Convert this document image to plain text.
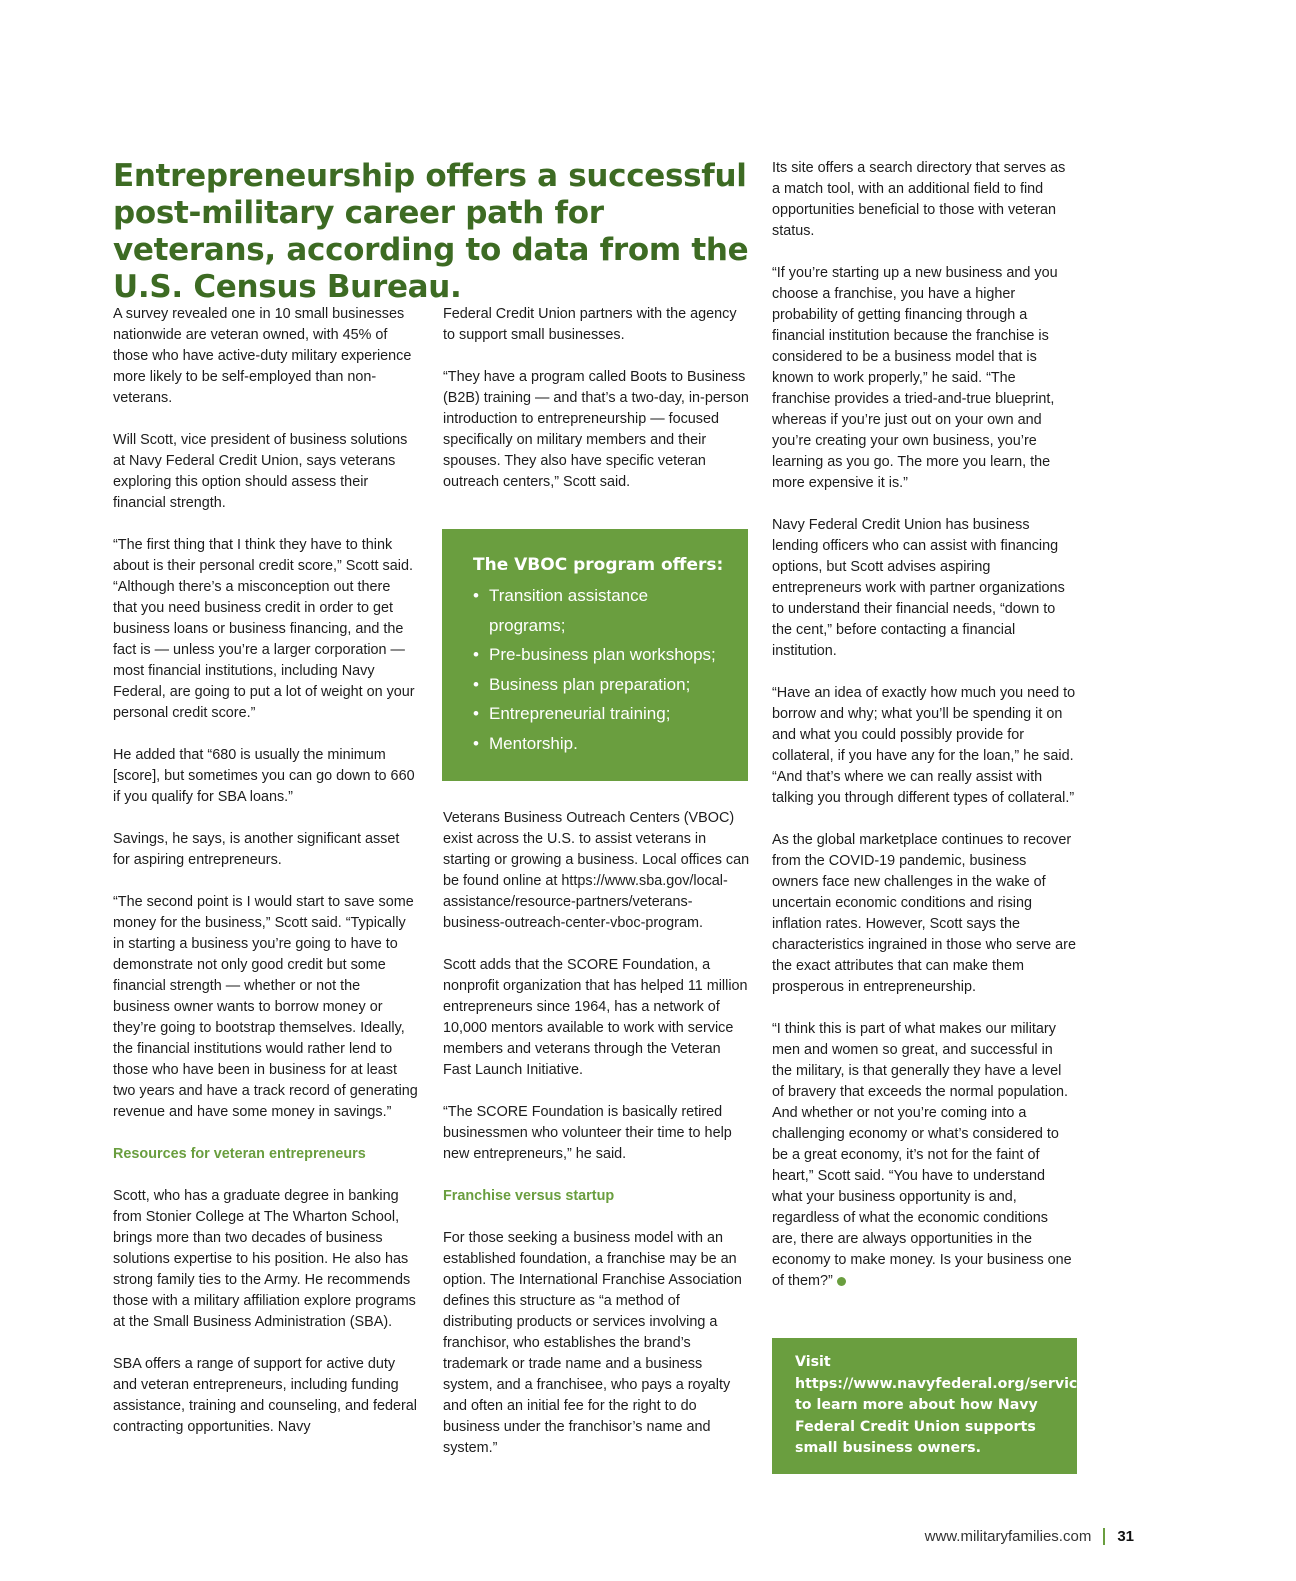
Entrepreneurship offers a successful post-military career path for veterans, according to data from the U.S. Census Bureau.

A survey revealed one in 10 small businesses nationwide are veteran owned, with 45% of those who have active-duty military experience more likely to be self-employed than non-veterans.

Will Scott, vice president of business solutions at Navy Federal Credit Union, says veterans exploring this option should assess their financial strength.

“The first thing that I think they have to think about is their personal credit score,” Scott said. “Although there’s a misconception out there that you need business credit in order to get business loans or business financing, and the fact is — unless you’re a larger corporation — most financial institutions, including Navy Federal, are going to put a lot of weight on your personal credit score.”

He added that “680 is usually the minimum [score], but sometimes you can go down to 660 if you qualify for SBA loans.”

Savings, he says, is another significant asset for aspiring entrepreneurs.

“The second point is I would start to save some money for the business,” Scott said. “Typically in starting a business you’re going to have to demonstrate not only good credit but some financial strength — whether or not the business owner wants to borrow money or they’re going to bootstrap themselves. Ideally, the financial institutions would rather lend to those who have been in business for at least two years and have a track record of generating revenue and have some money in savings.”

Resources for veteran entrepreneurs

Scott, who has a graduate degree in banking from Stonier College at The Wharton School, brings more than two decades of business solutions expertise to his position. He also has strong family ties to the Army. He recommends those with a military affiliation explore programs at the Small Business Administration (SBA).

SBA offers a range of support for active duty and veteran entrepreneurs, including funding assistance, training and counseling, and federal contracting opportunities. Navy

Federal Credit Union partners with the agency to support small businesses.

“They have a program called Boots to Business (B2B) training — and that’s a two-day, in-person introduction to entrepreneurship — focused specifically on military members and their spouses. They also have specific veteran outreach centers,” Scott said.

The VBOC program offers:

• Transition assistance programs;
• Pre-business plan workshops;
• Business plan preparation;
• Entrepreneurial training;
• Mentorship.

Veterans Business Outreach Centers (VBOC) exist across the U.S. to assist veterans in starting or growing a business. Local offices can be found online at https://www.sba.gov/local-assistance/resource-partners/veterans-business-outreach-center-vboc-program.

Scott adds that the SCORE Foundation, a nonprofit organization that has helped 11 million entrepreneurs since 1964, has a network of 10,000 mentors available to work with service members and veterans through the Veteran Fast Launch Initiative.

“The SCORE Foundation is basically retired businessmen who volunteer their time to help new entrepreneurs,” he said.

Franchise versus startup

For those seeking a business model with an established foundation, a franchise may be an option. The International Franchise Association defines this structure as “a method of distributing products or services involving a franchisor, who establishes the brand’s trademark or trade name and a business system, and a franchisee, who pays a royalty and often an initial fee for the right to do business under the franchisor’s name and system.”

Its site offers a search directory that serves as a match tool, with an additional field to find opportunities beneficial to those with veteran status.

“If you’re starting up a new business and you choose a franchise, you have a higher probability of getting financing through a financial institution because the franchise is considered to be a business model that is known to work properly,” he said. “The franchise provides a tried-and-true blueprint, whereas if you’re just out on your own and you’re creating your own business, you’re learning as you go. The more you learn, the more expensive it is.”

Navy Federal Credit Union has business lending officers who can assist with financing options, but Scott advises aspiring entrepreneurs work with partner organizations to understand their financial needs, “down to the cent,” before contacting a financial institution.

“Have an idea of exactly how much you need to borrow and why; what you’ll be spending it on and what you could possibly provide for collateral, if you have any for the loan,” he said. “And that’s where we can really assist with talking you through different types of collateral.”

As the global marketplace continues to recover from the COVID-19 pandemic, business owners face new challenges in the wake of uncertain economic conditions and rising inflation rates. However, Scott says the characteristics ingrained in those who serve are the exact attributes that can make them prosperous in entrepreneurship.

“I think this is part of what makes our military men and women so great, and successful in the military, is that generally they have a level of bravery that exceeds the normal population. And whether or not you’re coming into a challenging economy or what’s considered to be a great economy, it’s not for the faint of heart,” Scott said. “You have to understand what your business opportunity is and, regardless of what the economic conditions are, there are always opportunities in the economy to make money. Is your business one of them?”

Visit https://www.navyfederal.org/services/business/resources.html to learn more about how Navy Federal Credit Union supports small business owners.
www.militaryfamilies.com 31
